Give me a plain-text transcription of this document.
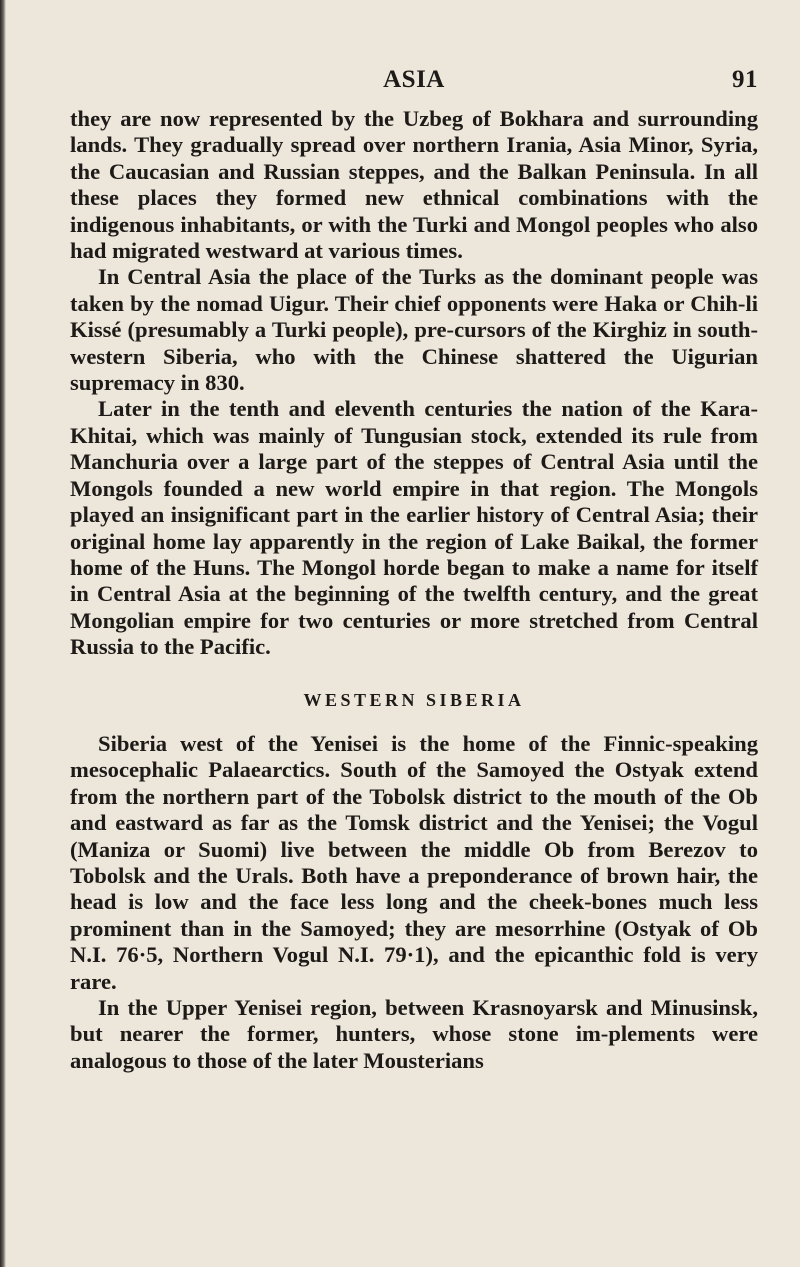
ASIA	91

they are now represented by the Uzbeg of Bokhara and surrounding lands. They gradually spread over northern Irania, Asia Minor, Syria, the Caucasian and Russian steppes, and the Balkan Peninsula. In all these places they formed new ethnical combinations with the indigenous inhabitants, or with the Turki and Mongol peoples who also had migrated westward at various times.

In Central Asia the place of the Turks as the dominant people was taken by the nomad Uigur. Their chief opponents were Haka or Chih-li Kissé (presumably a Turki people), pre-cursors of the Kirghiz in south-western Siberia, who with the Chinese shattered the Uigurian supremacy in 830.

Later in the tenth and eleventh centuries the nation of the Kara-Khitai, which was mainly of Tungusian stock, extended its rule from Manchuria over a large part of the steppes of Central Asia until the Mongols founded a new world empire in that region. The Mongols played an insignificant part in the earlier history of Central Asia; their original home lay apparently in the region of Lake Baikal, the former home of the Huns. The Mongol horde began to make a name for itself in Central Asia at the beginning of the twelfth century, and the great Mongolian empire for two centuries or more stretched from Central Russia to the Pacific.

WESTERN SIBERIA

Siberia west of the Yenisei is the home of the Finnic-speaking mesocephalic Palaearctics. South of the Samoyed the Ostyak extend from the northern part of the Tobolsk district to the mouth of the Ob and eastward as far as the Tomsk district and the Yenisei; the Vogul (Maniza or Suomi) live between the middle Ob from Berezov to Tobolsk and the Urals. Both have a preponderance of brown hair, the head is low and the face less long and the cheek-bones much less prominent than in the Samoyed; they are mesorrhine (Ostyak of Ob N.I. 76·5, Northern Vogul N.I. 79·1), and the epicanthic fold is very rare.

In the Upper Yenisei region, between Krasnoyarsk and Minusinsk, but nearer the former, hunters, whose stone im-plements were analogous to those of the later Mousterians
